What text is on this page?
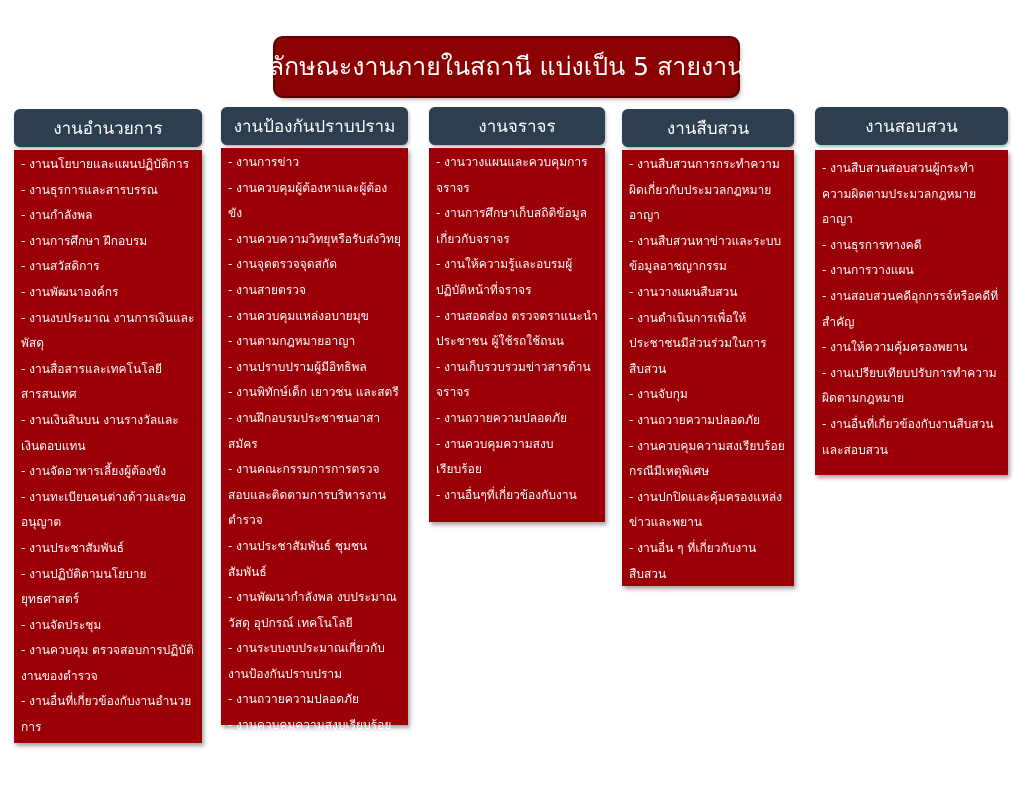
ลักษณะงานภายในสถานี แบ่งเป็น 5 สายงาน
งานอำนวยการ
- งานนโยบายและแผนปฏิบัติการ
- งานธุรการและสารบรรณ
- งานกำลังพล
- งานการศึกษา ฝึกอบรม
- งานสวัสดิการ
- งานพัฒนาองค์กร
- งานงบประมาณ งานการเงินและพัสดุ
- งานสื่อสารและเทคโนโลยีสารสนเทศ
- งานเงินสินบน งานรางวัลและเงินตอบแทน
- งานจัดอาหารเลี้ยงผู้ต้องขัง
- งานทะเบียนคนต่างด้าวและขออนุญาต
- งานประชาสัมพันธ์
- งานปฏิบัติตามนโยบายยุทธศาสตร์
- งานจัดประชุม
- งานควบคุม ตรวจสอบการปฏิบัติงานของตำรวจ
- งานอื่นที่เกี่ยวข้องกับงานอำนวยการ
งานป้องกันปราบปราม
- งานการข่าว
- งานควบคุมผู้ต้องหาและผู้ต้องขัง
- งานควบความวิทยุหรือรับส่งวิทยุ
- งานจุดตรวจจุดสกัด
- งานสายตรวจ
- งานควบคุมแหล่งอบายมุข
- งานตามกฎหมายอาญา
- งานปราบปรามผู้มีอิทธิพล
- งานพิทักษ์เด็ก เยาวชน และสตรี
- งานฝึกอบรมประชาชนอาสาสมัคร
- งานคณะกรรมการการตรวจสอบและติดตามการบริหารงานตำรวจ
- งานประชาสัมพันธ์ ชุมชนสัมพันธ์
- งานพัฒนากำลังพล งบประมาณ วัสดุ อุปกรณ์ เทคโนโลยี
- งานระบบงบประมาณเกี่ยวกับงานป้องกันปราบปราม
- งานถวายความปลอดภัย
- งานควบคุมความสงบเรียบร้อย
- งานอื่นที่เกี่ยวกับงานป้องกัน
งานจราจร
- งานวางแผนและควบคุมการจราจร
- งานการศึกษาเก็บสถิติข้อมูลเกี่ยวกับจราจร
- งานให้ความรู้และอบรมผู้ปฏิบัติหน้าที่จราจร
- งานสอดส่อง ตรวจตราแนะนำประชาชน ผู้ใช้รถใช้ถนน
- งานเก็บรวบรวมข่าวสารด้านจราจร
- งานถวายความปลอดภัย
- งานควบคุมความสงบเรียบร้อย
- งานอื่นๆที่เกี่ยวข้องกับงาน
งานสืบสวน
- งานสืบสวนการกระทำความผิดเกี่ยวกับประมวลกฎหมายอาญา
- งานสืบสวนหาข่าวและระบบข้อมูลอาชญากรรม
- งานวางแผนสืบสวน
- งานดำเนินการเพื่อให้ประชาชนมีส่วนร่วมในการสืบสวน
- งานจับกุม
- งานถวายความปลอดภัย
- งานควบคุมความสงเรียบร้อยกรณีมีเหตุพิเศษ
- งานปกปิดและคุ้มครองแหล่งข่าวและพยาน
- งานอื่น ๆ ที่เกี่ยวกับงานสืบสวน
งานสอบสวน
- งานสืบสวนสอบสวนผู้กระทำความผิดตามประมวลกฎหมายอาญา
- งานธุรการทางคดี
- งานการวางแผน
- งานสอบสวนคดีอุกกรรจ์หรือคดีที่สำคัญ
- งานให้ความคุ้มครองพยาน
- งานเปรียบเทียบปรับการทำความผิดตามกฎหมาย
- งานอื่นที่เกี่ยวข้องกับงานสืบสวนและสอบสวน
